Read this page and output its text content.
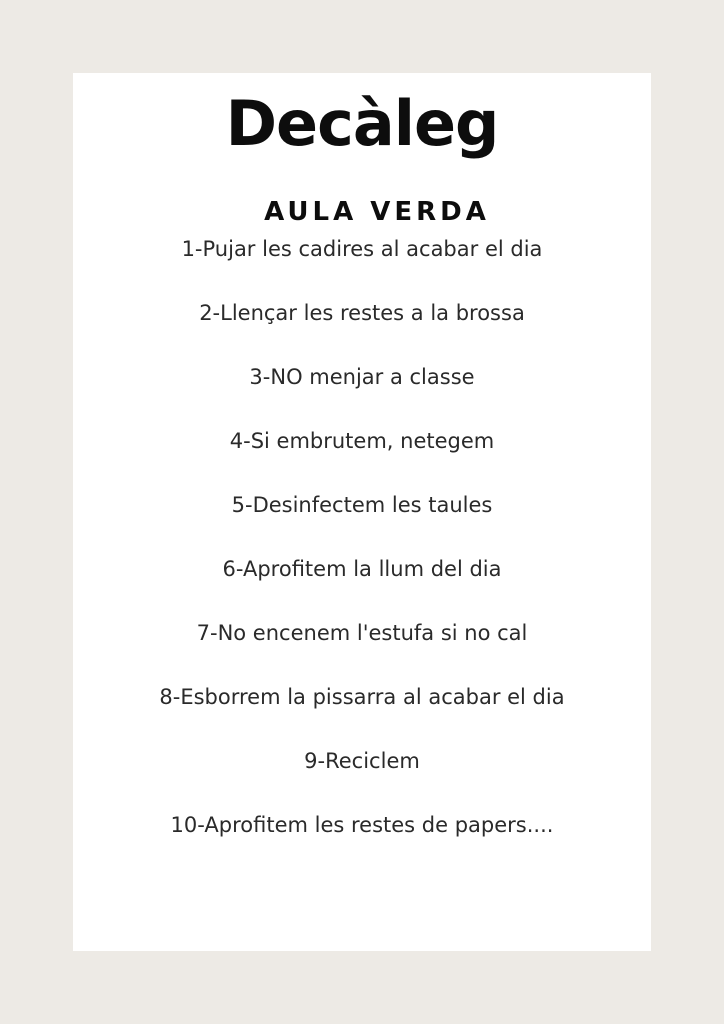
Decàleg
AULA VERDA
1-Pujar les cadires al acabar el dia
2-Llençar les restes a la brossa
3-NO menjar a classe
4-Si embrutem, netegem
5-Desinfectem les taules
6-Aprofitem la llum del dia
7-No encenem l'estufa si no cal
8-Esborrem la pissarra al acabar el dia
9-Reciclem
10-Aprofitem les restes de papers....
